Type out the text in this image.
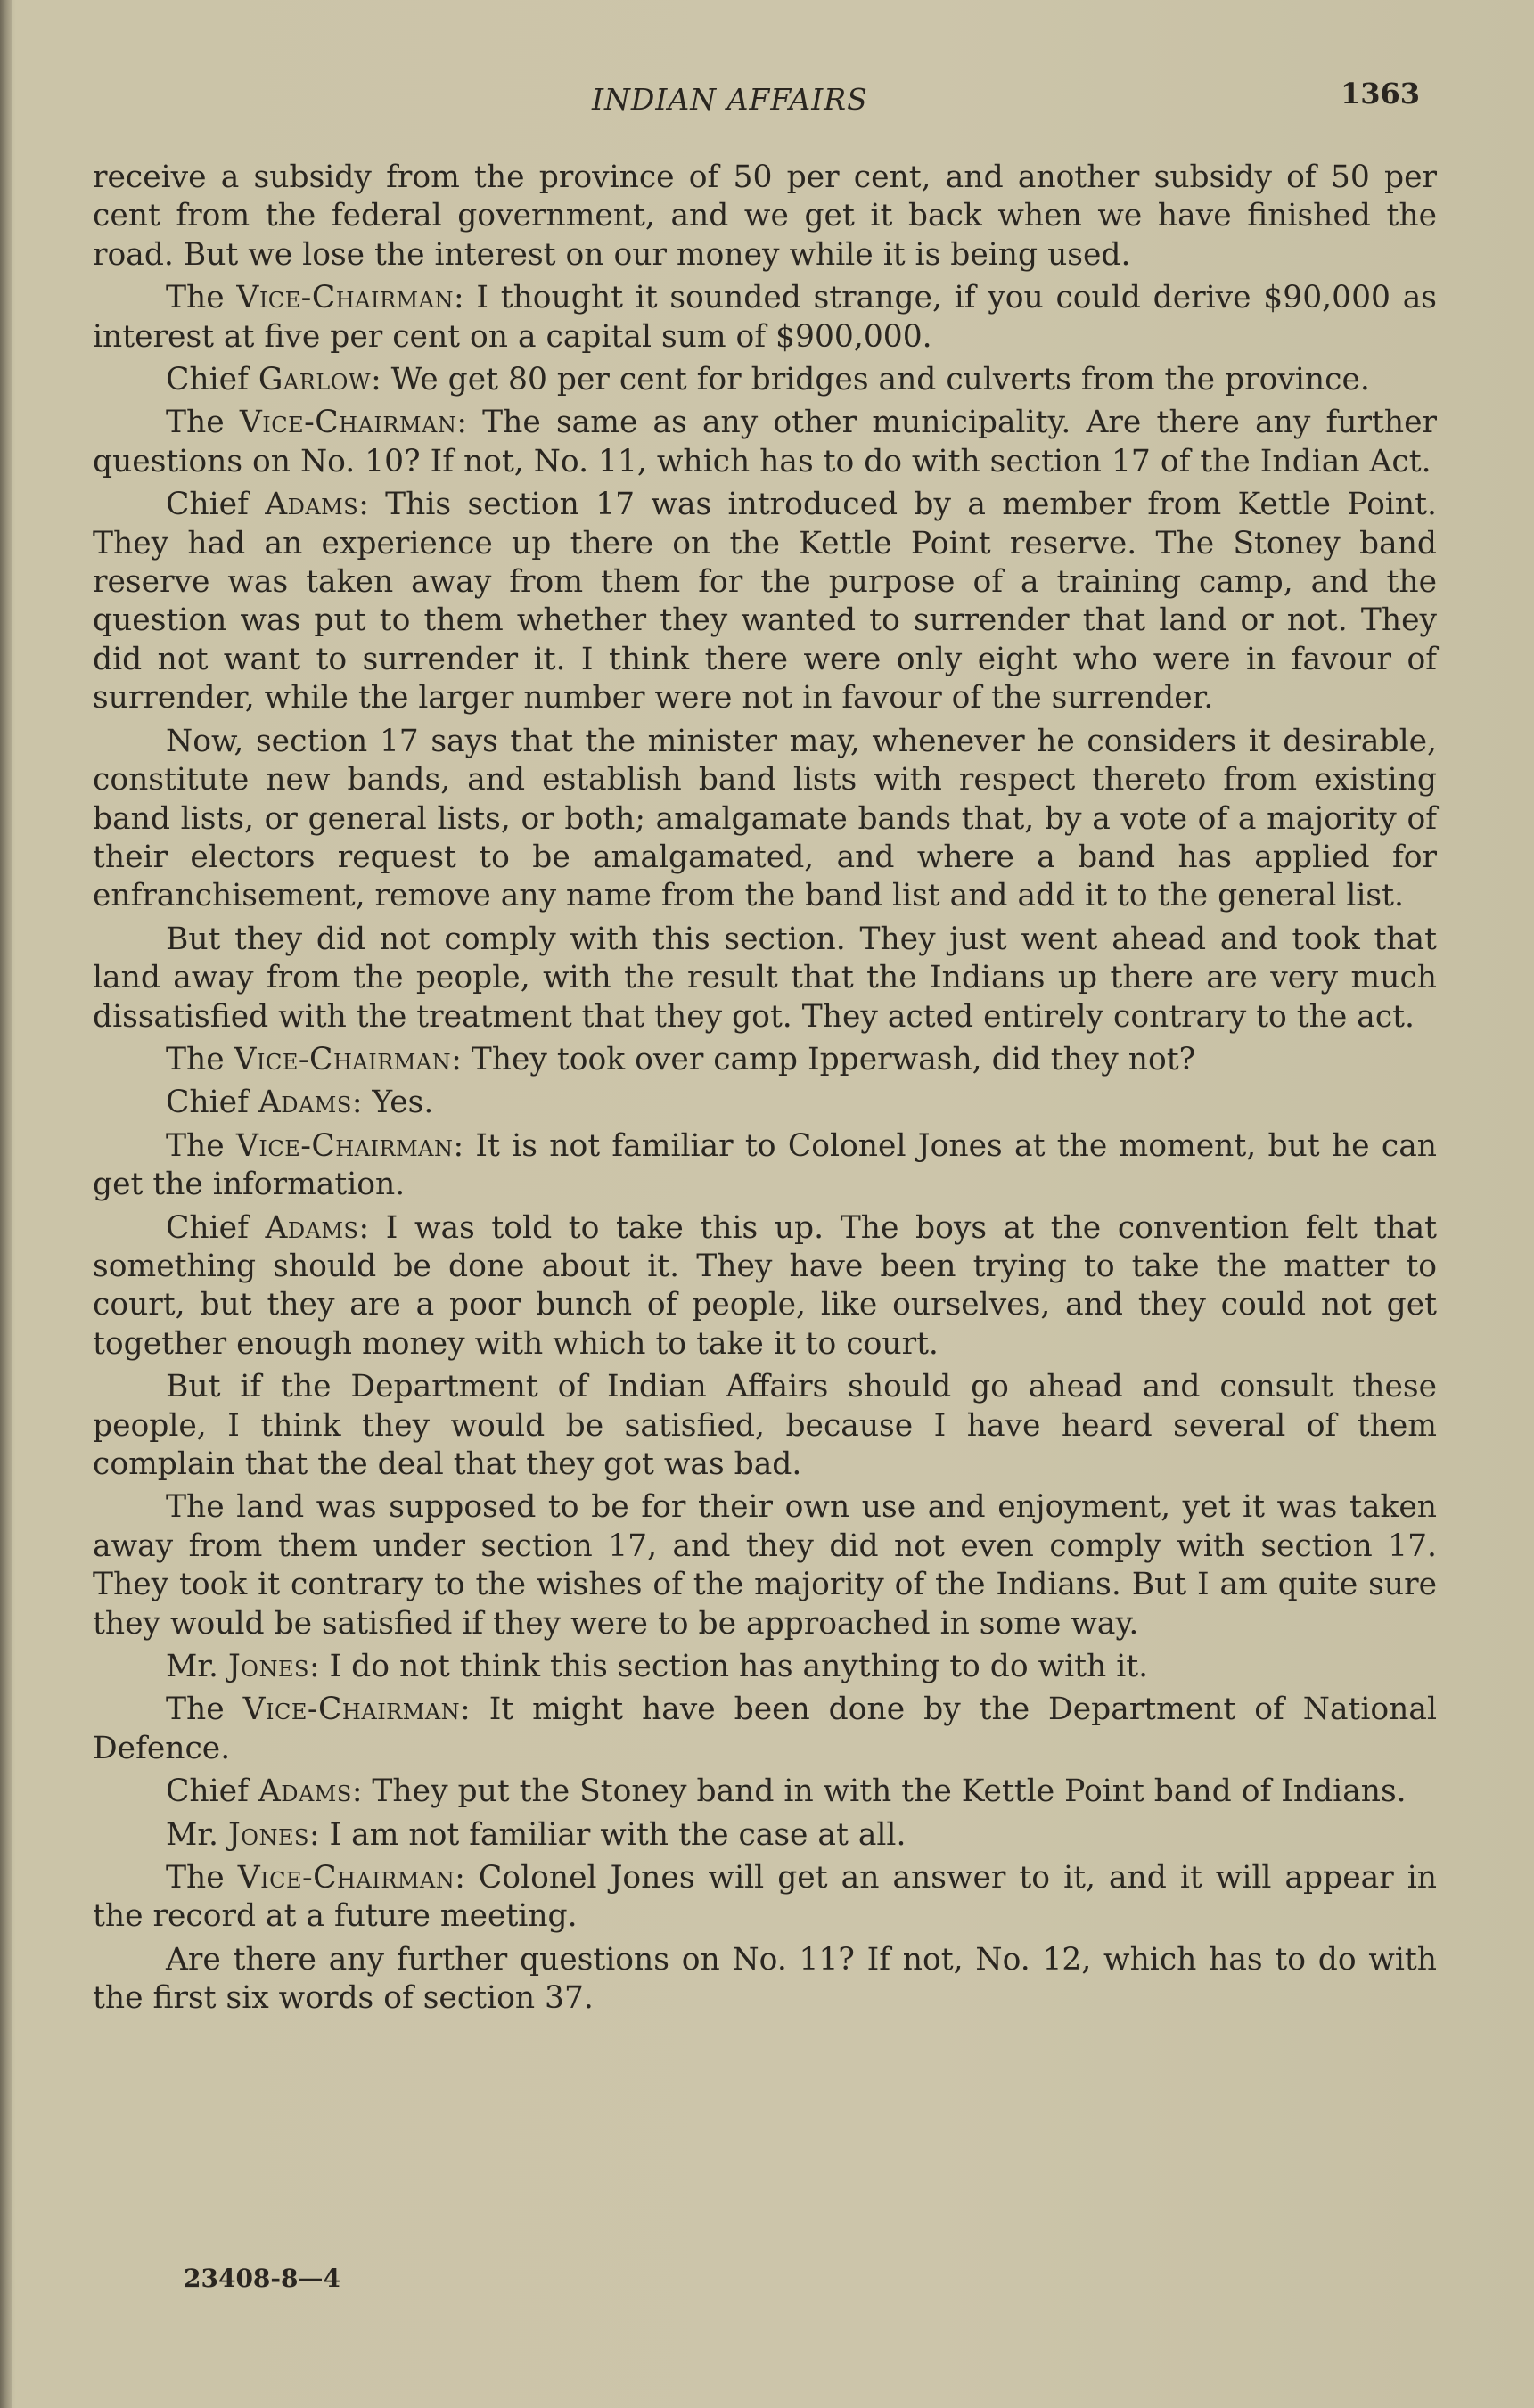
INDIAN AFFAIRS	1363

receive a subsidy from the province of 50 per cent, and another subsidy of 50 per cent from the federal government, and we get it back when we have finished the road. But we lose the interest on our money while it is being used.

The Vice-Chairman: I thought it sounded strange, if you could derive $90,000 as interest at five per cent on a capital sum of $900,000.

Chief Garlow: We get 80 per cent for bridges and culverts from the province.

The Vice-Chairman: The same as any other municipality. Are there any further questions on No. 10? If not, No. 11, which has to do with section 17 of the Indian Act.

Chief Adams: This section 17 was introduced by a member from Kettle Point. They had an experience up there on the Kettle Point reserve. The Stoney band reserve was taken away from them for the purpose of a training camp, and the question was put to them whether they wanted to surrender that land or not. They did not want to surrender it. I think there were only eight who were in favour of surrender, while the larger number were not in favour of the surrender.

Now, section 17 says that the minister may, whenever he considers it desirable, constitute new bands, and establish band lists with respect thereto from existing band lists, or general lists, or both; amalgamate bands that, by a vote of a majority of their electors request to be amalgamated, and where a band has applied for enfranchisement, remove any name from the band list and add it to the general list.

But they did not comply with this section. They just went ahead and took that land away from the people, with the result that the Indians up there are very much dissatisfied with the treatment that they got. They acted entirely contrary to the act.

The Vice-Chairman: They took over camp Ipperwash, did they not?

Chief Adams: Yes.

The Vice-Chairman: It is not familiar to Colonel Jones at the moment, but he can get the information.

Chief Adams: I was told to take this up. The boys at the convention felt that something should be done about it. They have been trying to take the matter to court, but they are a poor bunch of people, like ourselves, and they could not get together enough money with which to take it to court.

But if the Department of Indian Affairs should go ahead and consult these people, I think they would be satisfied, because I have heard several of them complain that the deal that they got was bad.

The land was supposed to be for their own use and enjoyment, yet it was taken away from them under section 17, and they did not even comply with section 17. They took it contrary to the wishes of the majority of the Indians. But I am quite sure they would be satisfied if they were to be approached in some way.

Mr. Jones: I do not think this section has anything to do with it.

The Vice-Chairman: It might have been done by the Department of National Defence.

Chief Adams: They put the Stoney band in with the Kettle Point band of Indians.

Mr. Jones: I am not familiar with the case at all.

The Vice-Chairman: Colonel Jones will get an answer to it, and it will appear in the record at a future meeting.

Are there any further questions on No. 11? If not, No. 12, which has to do with the first six words of section 37.

23408-8—4
